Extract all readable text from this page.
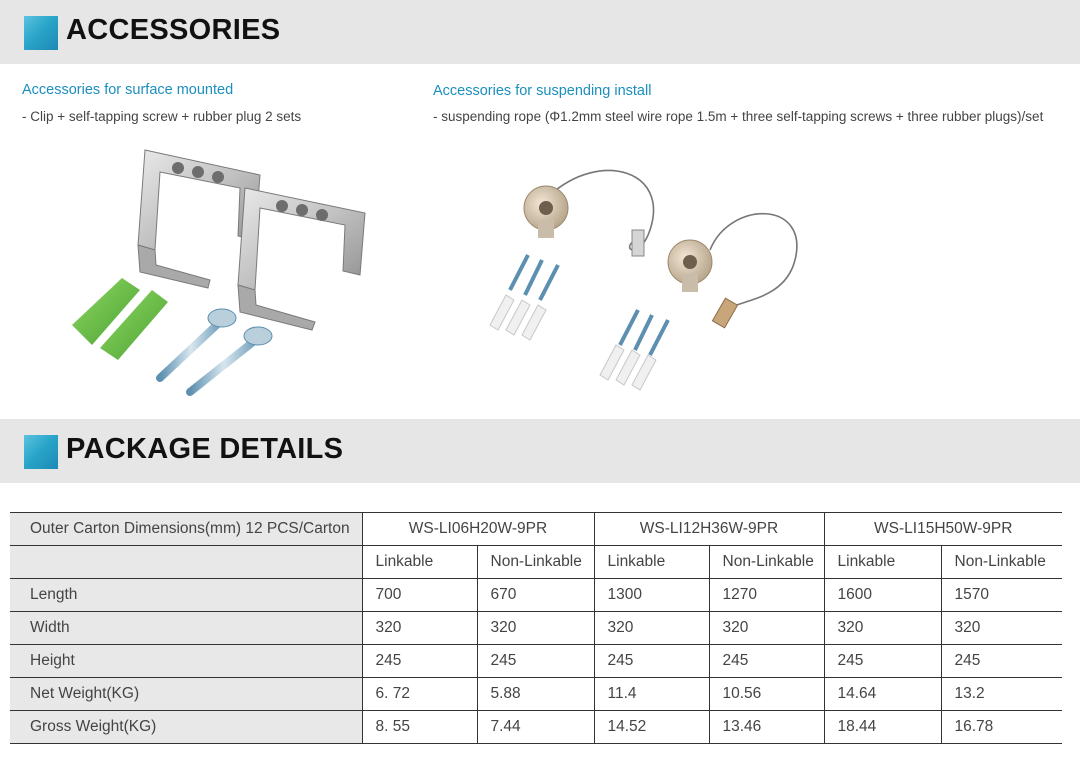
ACCESSORIES
Accessories for surface mounted
- Clip + self-tapping screw + rubber plug 2 sets
Accessories for suspending install
- suspending rope (Φ1.2mm steel wire rope 1.5m + three self-tapping screws + three rubber plugs)/set
PACKAGE DETAILS
Outer Carton Dimensions(mm) 12 PCS/Carton	WS-LI06H20W-9PR		WS-LI12H36W-9PR		WS-LI15H50W-9PR	
	Linkable	Non-Linkable	Linkable	Non-Linkable	Linkable	Non-Linkable
Length	700	670	1300	1270	1600	1570
Width	320	320	320	320	320	320
Height	245	245	245	245	245	245
Net Weight(KG)	6. 72	5.88	11.4	10.56	14.64	13.2
Gross Weight(KG)	8. 55	7.44	14.52	13.46	18.44	16.78
